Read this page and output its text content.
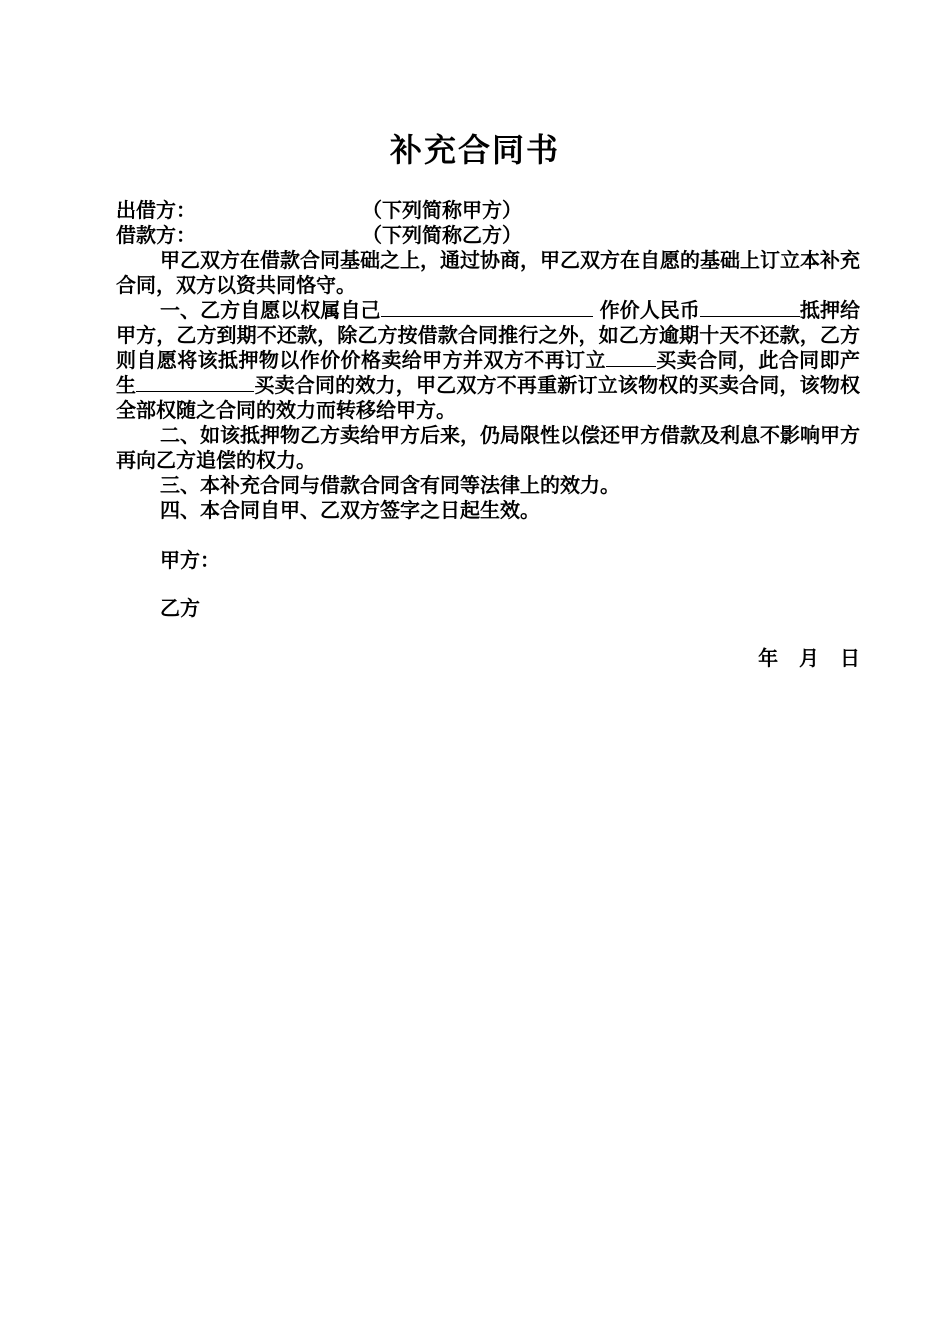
补充合同书
出借方：	（下列简称甲方）
借款方：	（下列简称乙方）

甲乙双方在借款合同基础之上，通过协商，甲乙双方在自愿的基础上订立本补充合同，双方以资共同恪守。

一、乙方自愿以权属自己	作价人民币	抵押给甲方，乙方到期不还款，除乙方按借款合同推行之外，如乙方逾期十天不还款，乙方则自愿将该抵押物以作价价格卖给甲方并双方不再订立	买卖合同，此合同即产生	买卖合同的效力，甲乙双方不再重新订立该物权的买卖合同，该物权全部权随之合同的效力而转移给甲方。

二、如该抵押物乙方卖给甲方后来，仍局限性以偿还甲方借款及利息不影响甲方再向乙方追偿的权力。

三、本补充合同与借款合同含有同等法律上的效力。

四、本合同自甲、乙双方签字之日起生效。

甲方：
乙方
年 月 日
